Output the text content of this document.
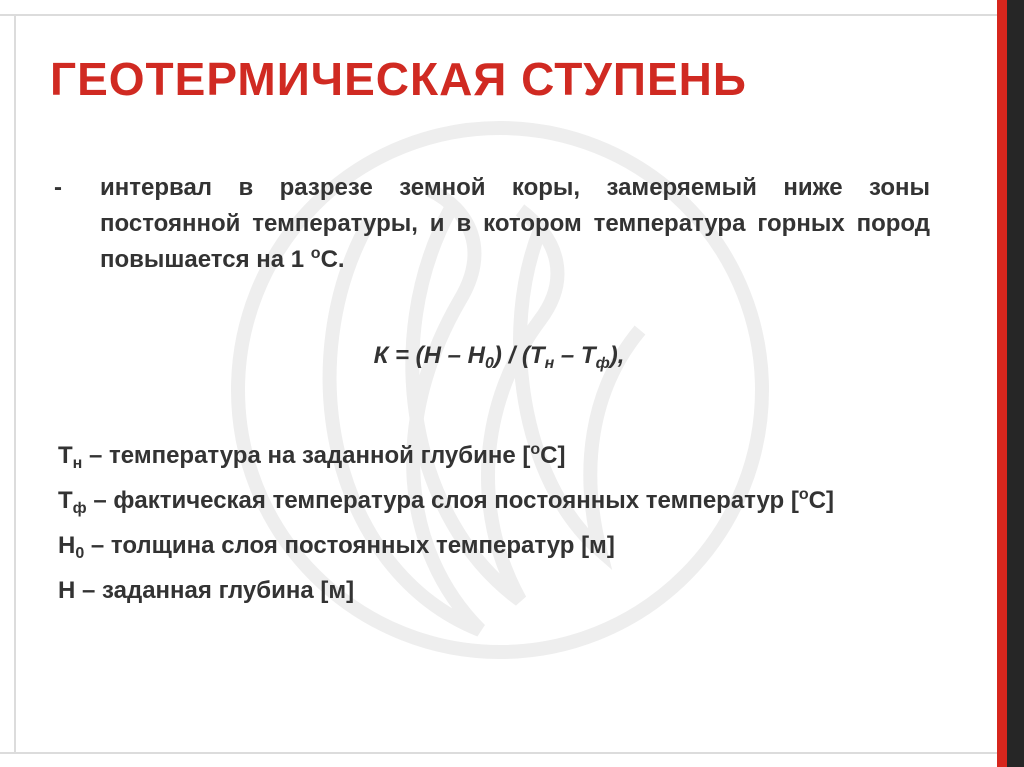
ГЕОТЕРМИЧЕСКАЯ СТУПЕНЬ
- интервал в разрезе земной коры, замеряемый ниже зоны постоянной температуры, и в котором температура горных пород повышается на 1 $^о$С.
$К = (Н - Н_0) / (Т_н - Т_ф)$,
$Т_н$ – температура на заданной глубине [$^о$С]
$Т_ф$ – фактическая температура слоя постоянных температур [$^о$С]
$Н_0$ – толщина слоя постоянных температур [м]
Н – заданная глубина [м]
